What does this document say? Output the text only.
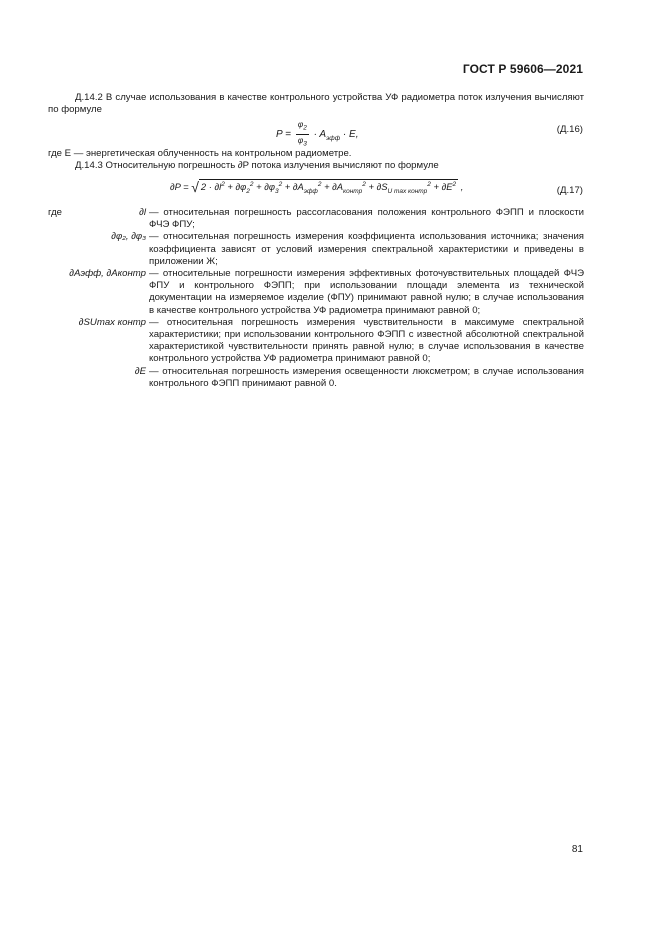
ГОСТ Р 59606—2021
Д.14.2 В случае использования в качестве контрольного устройства УФ радиометра поток излучения вычисляют по формуле
$P = \frac{\varphi_2}{\varphi_3} \cdot A_{эфф} \cdot E$,	(Д.16)
где E — энергетическая облученность на контрольном радиометре.
Д.14.3 Относительную погрешность ∂P потока излучения вычисляют по формуле
∂P = √ $2 \cdot \partial l^2 + \partial\varphi_2^2 + \partial\varphi_3^2 + \partial A_{эфф}^2 + \partial A_{контр}^2 + \partial S_{U max контр}^2 + \partial E^2$ ,	(Д.17)
где	∂l — относительная погрешность рассогласования положения контрольного ФЭПП и плоскости ФЧЭ ФПУ;
∂φ₂, ∂φ₃ — относительная погрешность измерения коэффициента использования источника; значения коэффициента зависят от условий измерения спектральной характеристики и приведены в приложении Ж;
∂Aэфф, ∂Aконтр — относительные погрешности измерения эффективных фоточувствительных площадей ФЧЭ ФПУ и контрольного ФЭПП; при использовании площади элемента из технической документации на измеряемое изделие (ФПУ) принимают равной нулю; в случае использования в качестве контрольного устройства УФ радиометра принимают равной 0;
∂SUmax контр — относительная погрешность измерения чувствительности в максимуме спектральной характеристики; при использовании контрольного ФЭПП с известной абсолютной спектральной характеристикой чувствительности принять равной нулю; в случае использования в качестве контрольного устройства УФ радиометра принимают равной 0;
∂E — относительная погрешность измерения освещенности люксметром; в случае использования контрольного ФЭПП принимают равной 0.
81
